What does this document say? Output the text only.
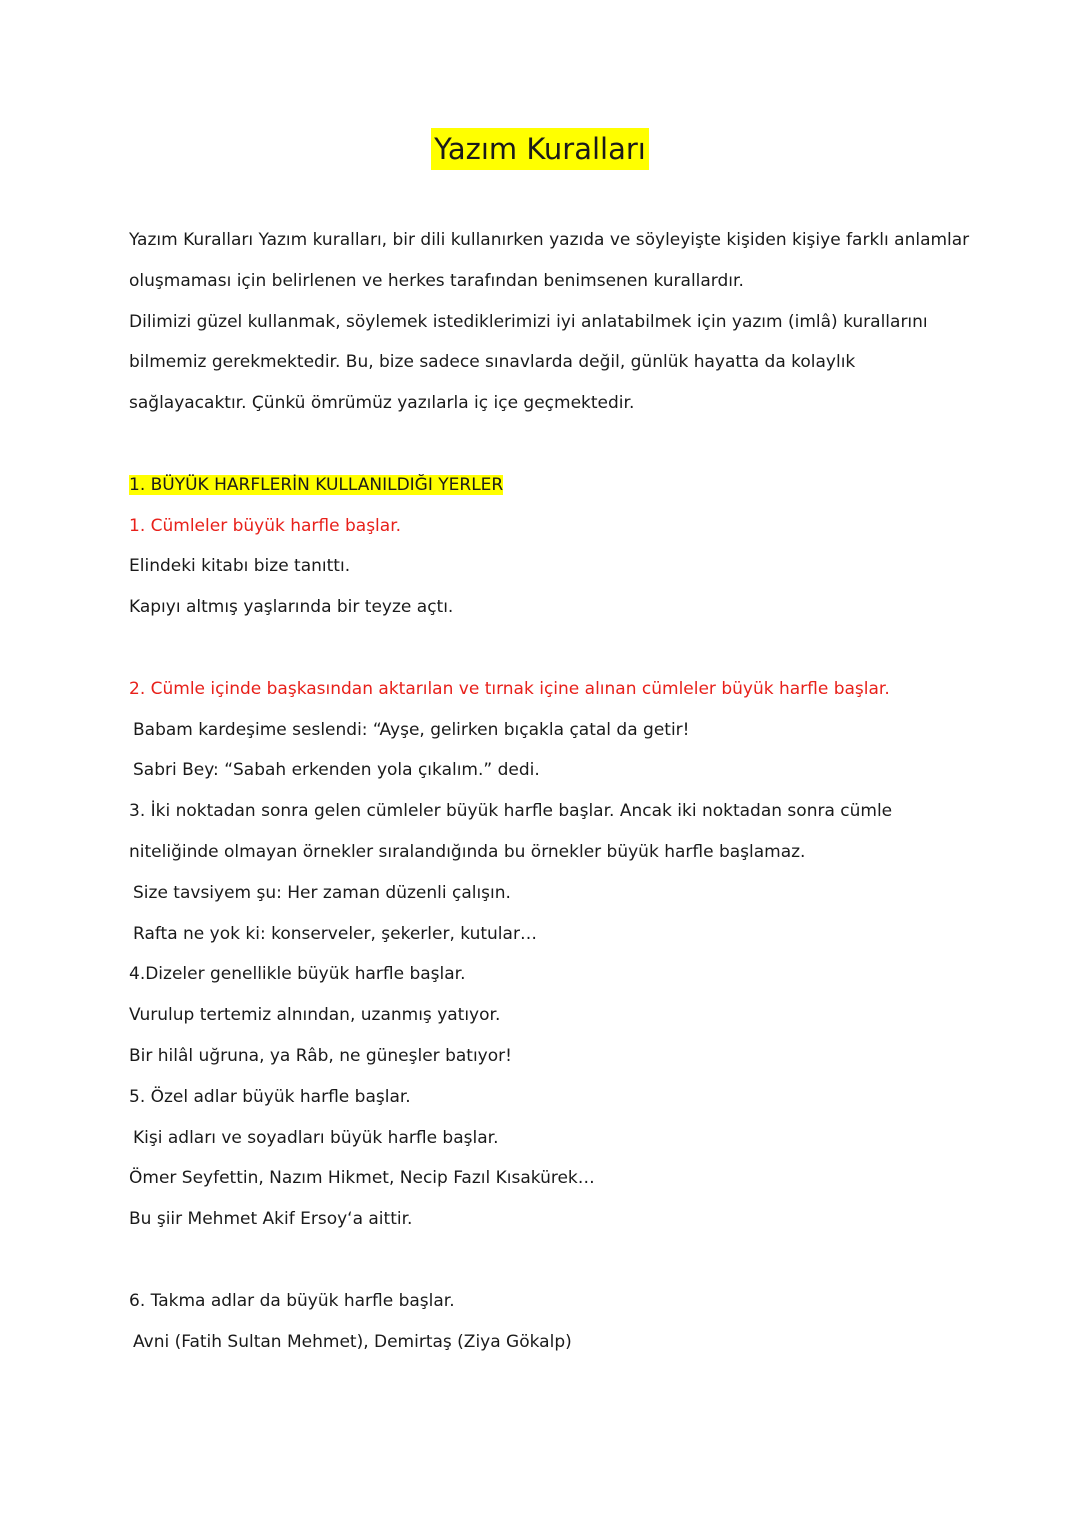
Yazım Kuralları
Yazım Kuralları Yazım kuralları, bir dili kullanırken yazıda ve söyleyişte kişiden kişiye farklı anlamlar
oluşmaması için belirlenen ve herkes tarafından benimsenen kurallardır.
Dilimizi güzel kullanmak, söylemek istediklerimizi iyi anlatabilmek için yazım (imlâ) kurallarını
bilmemiz gerekmektedir. Bu, bize sadece sınavlarda değil, günlük hayatta da kolaylık
sağlayacaktır. Çünkü ömrümüz yazılarla iç içe geçmektedir.
1. BÜYÜK HARFLERİN KULLANILDIĞI YERLER
1. Cümleler büyük harfle başlar.
Elindeki kitabı bize tanıttı.
Kapıyı altmış yaşlarında bir teyze açtı.
2. Cümle içinde başkasından aktarılan ve tırnak içine alınan cümleler büyük harfle başlar.
Babam kardeşime seslendi: “Ayşe, gelirken bıçakla çatal da getir!
Sabri Bey: “Sabah erkenden yola çıkalım.” dedi.
3. İki noktadan sonra gelen cümleler büyük harfle başlar. Ancak iki noktadan sonra cümle
niteliğinde olmayan örnekler sıralandığında bu örnekler büyük harfle başlamaz.
Size tavsiyem şu: Her zaman düzenli çalışın.
Rafta ne yok ki: konserveler, şekerler, kutular…
4.Dizeler genellikle büyük harfle başlar.
Vurulup tertemiz alnından, uzanmış yatıyor.
Bir hilâl uğruna, ya Râb, ne güneşler batıyor!
5. Özel adlar büyük harfle başlar.
Kişi adları ve soyadları büyük harfle başlar.
Ömer Seyfettin, Nazım Hikmet, Necip Fazıl Kısakürek…
Bu şiir Mehmet Akif Ersoy‘a aittir.
6. Takma adlar da büyük harfle başlar.
Avni (Fatih Sultan Mehmet), Demirtaş (Ziya Gökalp)
